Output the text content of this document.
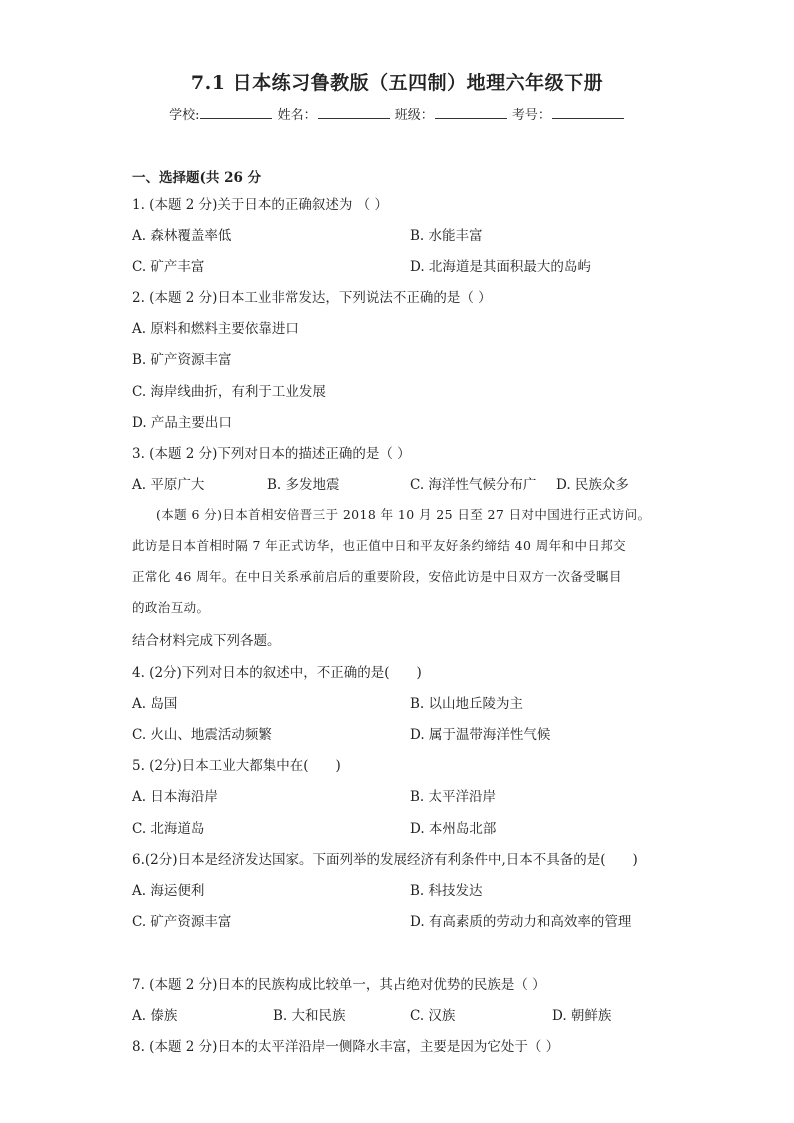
7.1 日本练习鲁教版（五四制）地理六年级下册
学校:	姓名：	班级：	考号：
一、选择题(共 26 分
1. (本题 2 分)关于日本的正确叙述为 （ ）
A. 森林覆盖率低	B. 水能丰富
C. 矿产丰富	D. 北海道是其面积最大的岛屿
2. (本题 2 分)日本工业非常发达，下列说法不正确的是（ ）
A. 原料和燃料主要依靠进口
B. 矿产资源丰富
C. 海岸线曲折，有利于工业发展
D. 产品主要出口
3. (本题 2 分)下列对日本的描述正确的是（ ）
A. 平原广大	B. 多发地震	C. 海洋性气候分布广 D. 民族众多
(本题 6 分)日本首相安倍晋三于 2018 年 10 月 25 日至 27 日对中国进行正式访问。
此访是日本首相时隔 7 年正式访华，也正值中日和平友好条约缔结 40 周年和中日邦交
正常化 46 周年。在中日关系承前启后的重要阶段，安倍此访是中日双方一次备受瞩目
的政治互动。
结合材料完成下列各题。
4. (2分)下列对日本的叙述中，不正确的是(　　)
A. 岛国	B. 以山地丘陵为主
C. 火山、地震活动频繁	D. 属于温带海洋性气候
5. (2分)日本工业大都集中在(　　)
A. 日本海沿岸	B. 太平洋沿岸
C. 北海道岛	D. 本州岛北部
6.(2分)日本是经济发达国家。下面列举的发展经济有利条件中,日本不具备的是(　　)
A. 海运便利	B. 科技发达
C. 矿产资源丰富	D. 有高素质的劳动力和高效率的管理
7. (本题 2 分)日本的民族构成比较单一，其占绝对优势的民族是（ ）
A. 傣族	B. 大和民族	C. 汉族	D. 朝鲜族
8. (本题 2 分)日本的太平洋沿岸一侧降水丰富，主要是因为它处于（ ）
